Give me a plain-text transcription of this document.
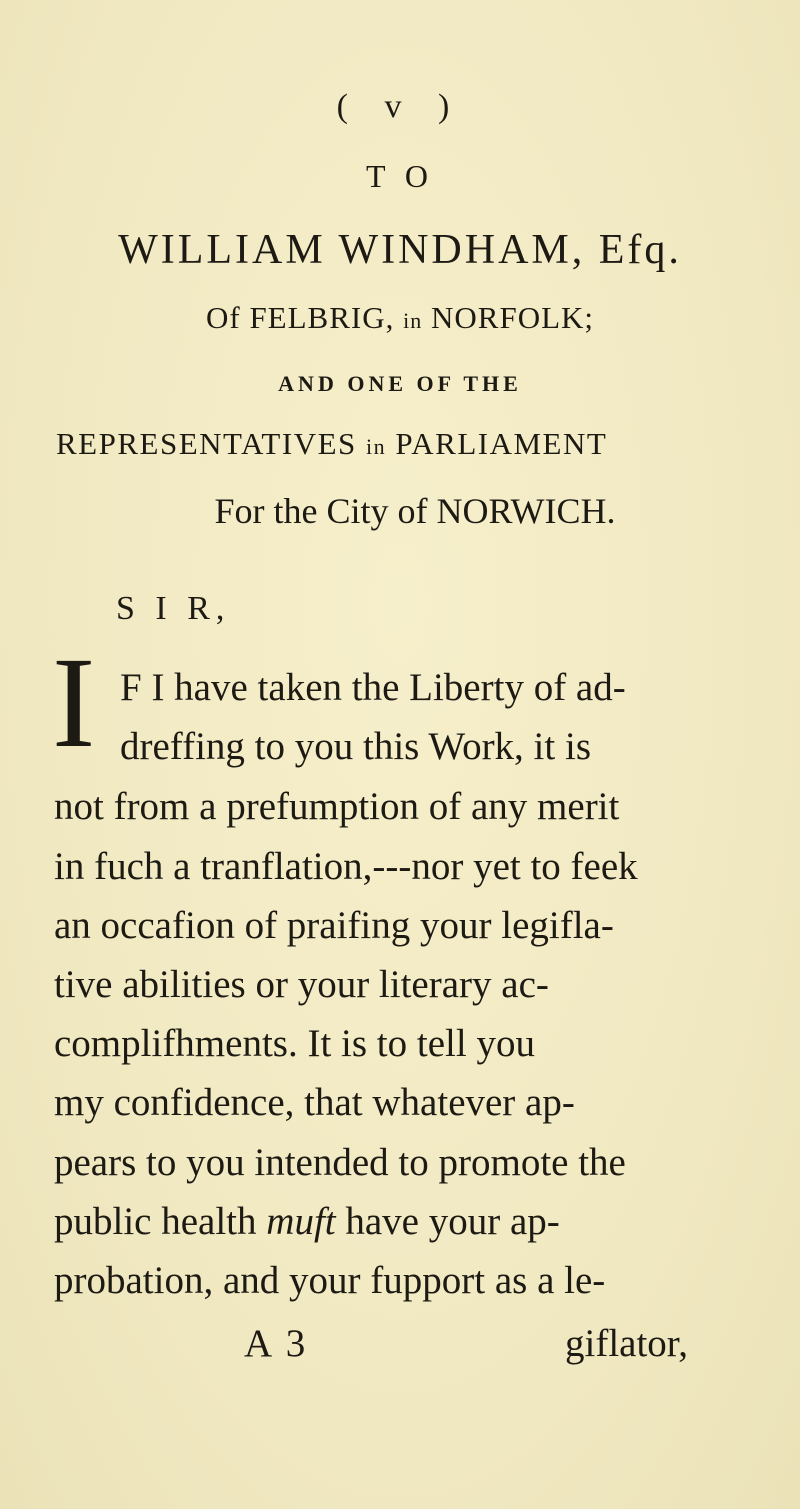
( v )
T O
WILLIAM WINDHAM, Efq.
Of FELBRIG, in NORFOLK;
AND ONE OF THE
REPRESENTATIVES in PARLIAMENT
For the City of NORWICH.
S I R,
I F I have taken the Liberty of ad-
dreffing to you this Work, it is
not from a prefumption of any merit
in fuch a tranflation,---nor yet to feek
an occafion of praifing your legifla-
tive abilities or your literary ac-
complifhments. It is to tell you
my confidence, that whatever ap-
pears to you intended to promote the
public health muft have your ap-
probation, and your fupport as a le-
A 3	giflator,
